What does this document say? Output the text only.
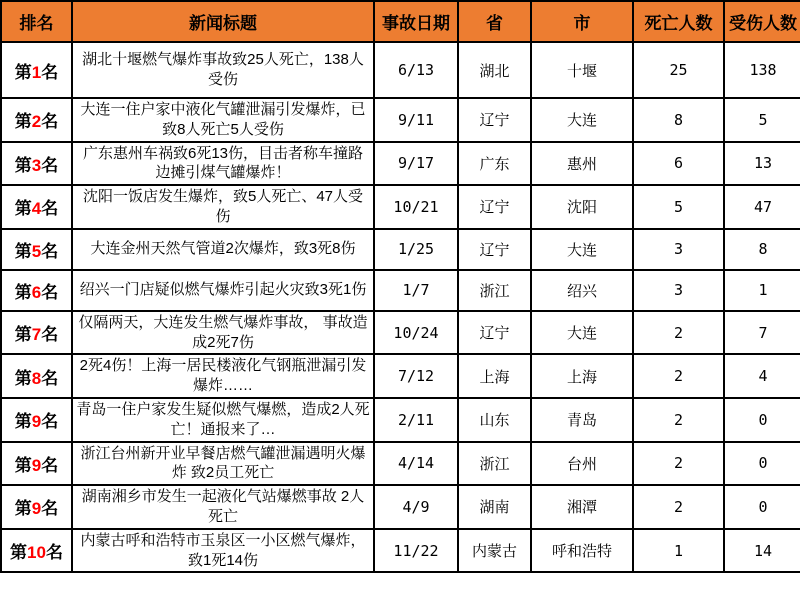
排名	新闻标题	事故日期	省	市	死亡人数	受伤人数
第1名	湖北十堰燃气爆炸事故致25人死亡，138人受伤	6/13	湖北	十堰	25	138
第2名	大连一住户家中液化气罐泄漏引发爆炸，已致8人死亡5人受伤	9/11	辽宁	大连	8	5
第3名	广东惠州车祸致6死13伤，目击者称车撞路边摊引煤气罐爆炸！	9/17	广东	惠州	6	13
第4名	沈阳一饭店发生爆炸，致5人死亡、47人受伤	10/21	辽宁	沈阳	5	47
第5名	大连金州天然气管道2次爆炸，致3死8伤	1/25	辽宁	大连	3	8
第6名	绍兴一门店疑似燃气爆炸引起火灾致3死1伤	1/7	浙江	绍兴	3	1
第7名	仅隔两天，大连发生燃气爆炸事故， 事故造成2死7伤	10/24	辽宁	大连	2	7
第8名	2死4伤！上海一居民楼液化气钢瓶泄漏引发爆炸……	7/12	上海	上海	2	4
第9名	青岛一住户家发生疑似燃气爆燃，造成2人死亡！通报来了…	2/11	山东	青岛	2	0
第9名	浙江台州新开业早餐店燃气罐泄漏遇明火爆炸 致2员工死亡	4/14	浙江	台州	2	0
第9名	湖南湘乡市发生一起液化气站爆燃事故 2人死亡	4/9	湖南	湘潭	2	0
第10名	内蒙古呼和浩特市玉泉区一小区燃气爆炸，致1死14伤	11/22	内蒙古	呼和浩特	1	14
